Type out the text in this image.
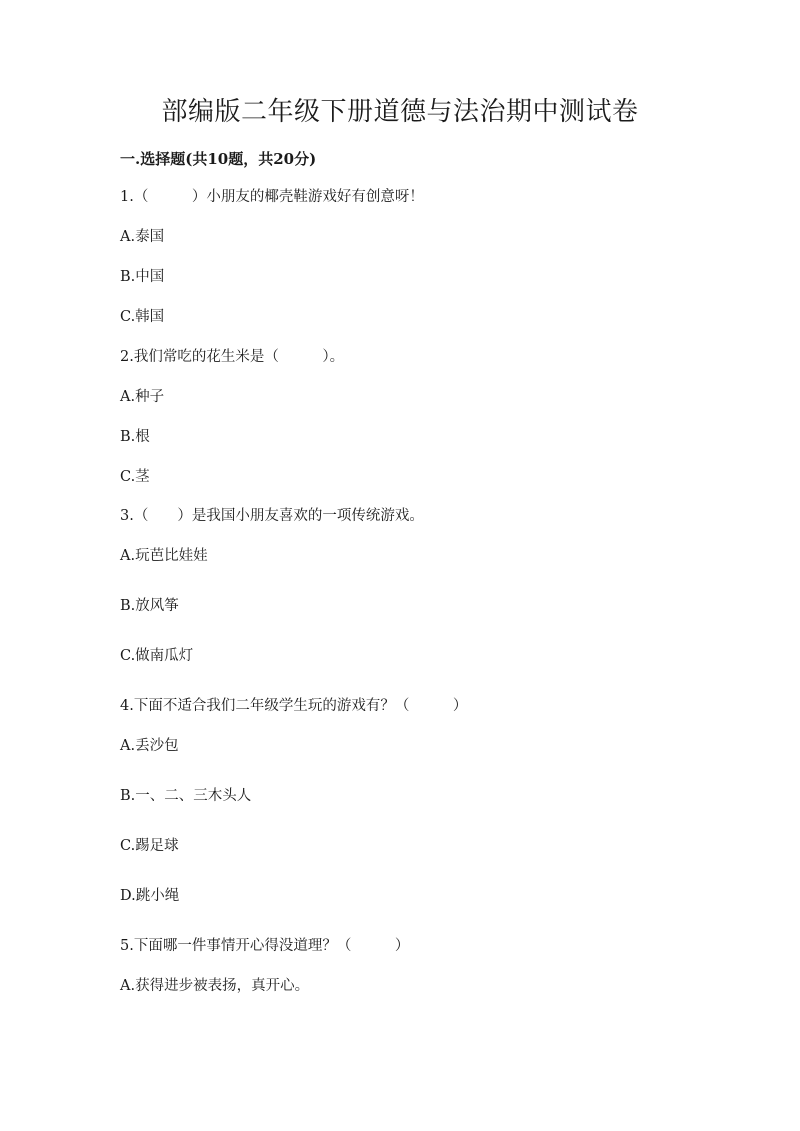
部编版二年级下册道德与法治期中测试卷
一.选择题(共10题，共20分)
1.（　　　）小朋友的椰壳鞋游戏好有创意呀！
A.泰国
B.中国
C.韩国
2.我们常吃的花生米是（　　　）。
A.种子
B.根
C.茎
3.（　　）是我国小朋友喜欢的一项传统游戏。
A.玩芭比娃娃
B.放风筝
C.做南瓜灯
4.下面不适合我们二年级学生玩的游戏有？（　　　）
A.丢沙包
B.一、二、三木头人
C.踢足球
D.跳小绳
5.下面哪一件事情开心得没道理？（　　　）
A.获得进步被表扬，真开心。
